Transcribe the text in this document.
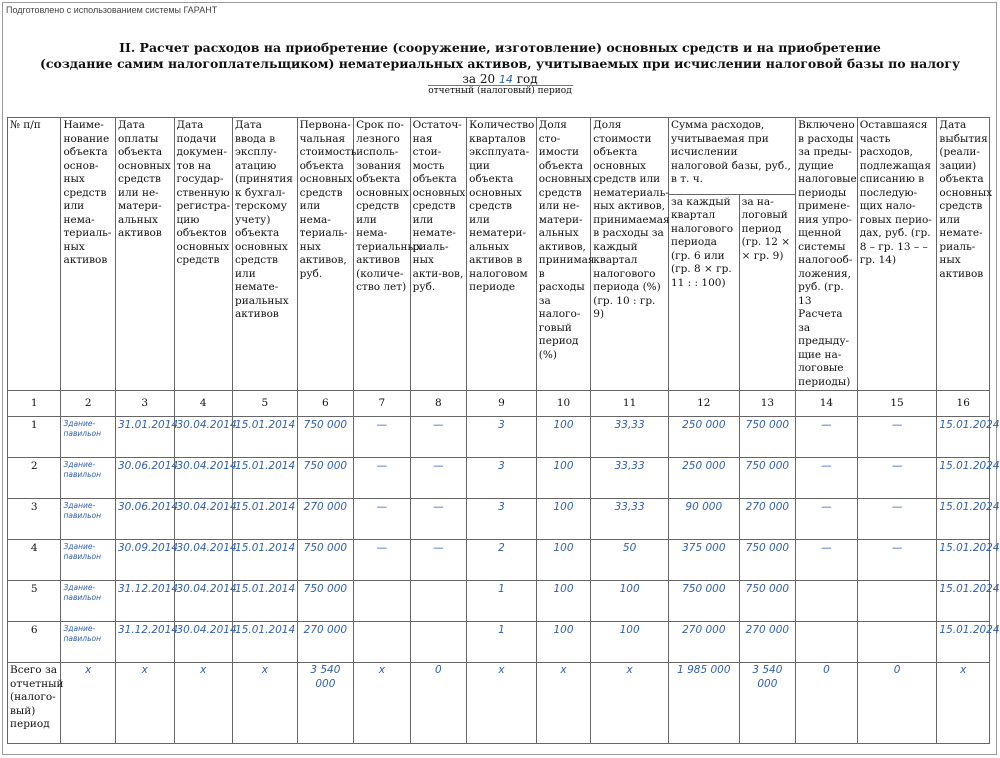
Подготовлено с использованием системы ГАРАНТ
II. Расчет расходов на приобретение (сооружение, изготовление) основных средств и на приобретение
(создание самим налогоплательщиком) нематериальных активов, учитываемых при исчислении налоговой базы по налогу
за 20 14 год
отчетный (налоговый) период
№ п/п	Наиме-нование объекта основ-ных средств или нема-териаль-ных активов	Дата оплаты объекта основных средств или не-матери-альных активов	Дата подачи докумен-тов на государ-ственную регистра-цию объектов основных средств	Дата ввода в эксплу-атацию (принятия к бухгал-терскому учету) объекта основных средств или немате-риальных активов	Первона-чальная стоимость объекта основных средств или нема-териаль-ных активов, руб.	Срок по-лезного исполь-зования объекта основных средств или нема-териальных активов (количе-ство лет)	Остаточ-ная стои-мость объекта основных средств или немате-риаль-ных акти-вов, руб.	Количество кварталов эксплуата-ции объекта основных средств или нематери-альных активов в налоговом периоде	Доля сто-имости объекта основных средств или не-матери-альных активов, принимая в расходы за налого-говый период (%)	Доля стоимости объекта основных средств или нематериаль-ных активов, принимаемая в расходы за каждый квартал налогового периода (%) (гр. 10 : гр. 9)	Сумма расходов, учитываемая при исчислении налоговой базы, руб., в т. ч.		Включено в расходы за преды-дущие налоговые периоды примене-ния упро-щенной системы налогооб-ложения, руб. (гр. 13 Расчета за предыду-щие на-логовые периоды)	Оставшаяся часть расходов, подлежащая списанию в последую-щих нало-говых перио-дах, руб. (гр. 8 – гр. 13 – – гр. 14)	Дата выбытия (реали-зации) объекта основных средств или немате-риаль-ных активов
											за каждый квартал налогового периода (гр. 6 или (гр. 8 × гр. 11 : : 100)	за на-логовый период (гр. 12 × × гр. 9)			
1	2	3	4	5	6	7	8	9	10	11	12	13	14	15	16
1	Здание-павильон	31.01.2014	30.04.2014	15.01.2014	750 000	—	—	3	100	33,33	250 000	750 000	—	—	15.01.2024
2	Здание-павильон	30.06.2014	30.04.2014	15.01.2014	750 000	—	—	3	100	33,33	250 000	750 000	—	—	15.01.2024
3	Здание-павильон	30.06.2014	30.04.2014	15.01.2014	270 000	—	—	3	100	33,33	90 000	270 000	—	—	15.01.2024
4	Здание-павильон	30.09.2014	30.04.2014	15.01.2014	750 000	—	—	2	100	50	375 000	750 000	—	—	15.01.2024
5	Здание-павильон	31.12.2014	30.04.2014	15.01.2014	750 000			1	100	100	750 000	750 000			15.01.2024
6	Здание-павильон	31.12.2014	30.04.2014	15.01.2014	270 000			1	100	100	270 000	270 000			15.01.2024
Всего за отчетный (налого-вый) период	x	x	x	x	3 540 000	x	0	x	x	x	1 985 000	3 540 000	0	0	x
